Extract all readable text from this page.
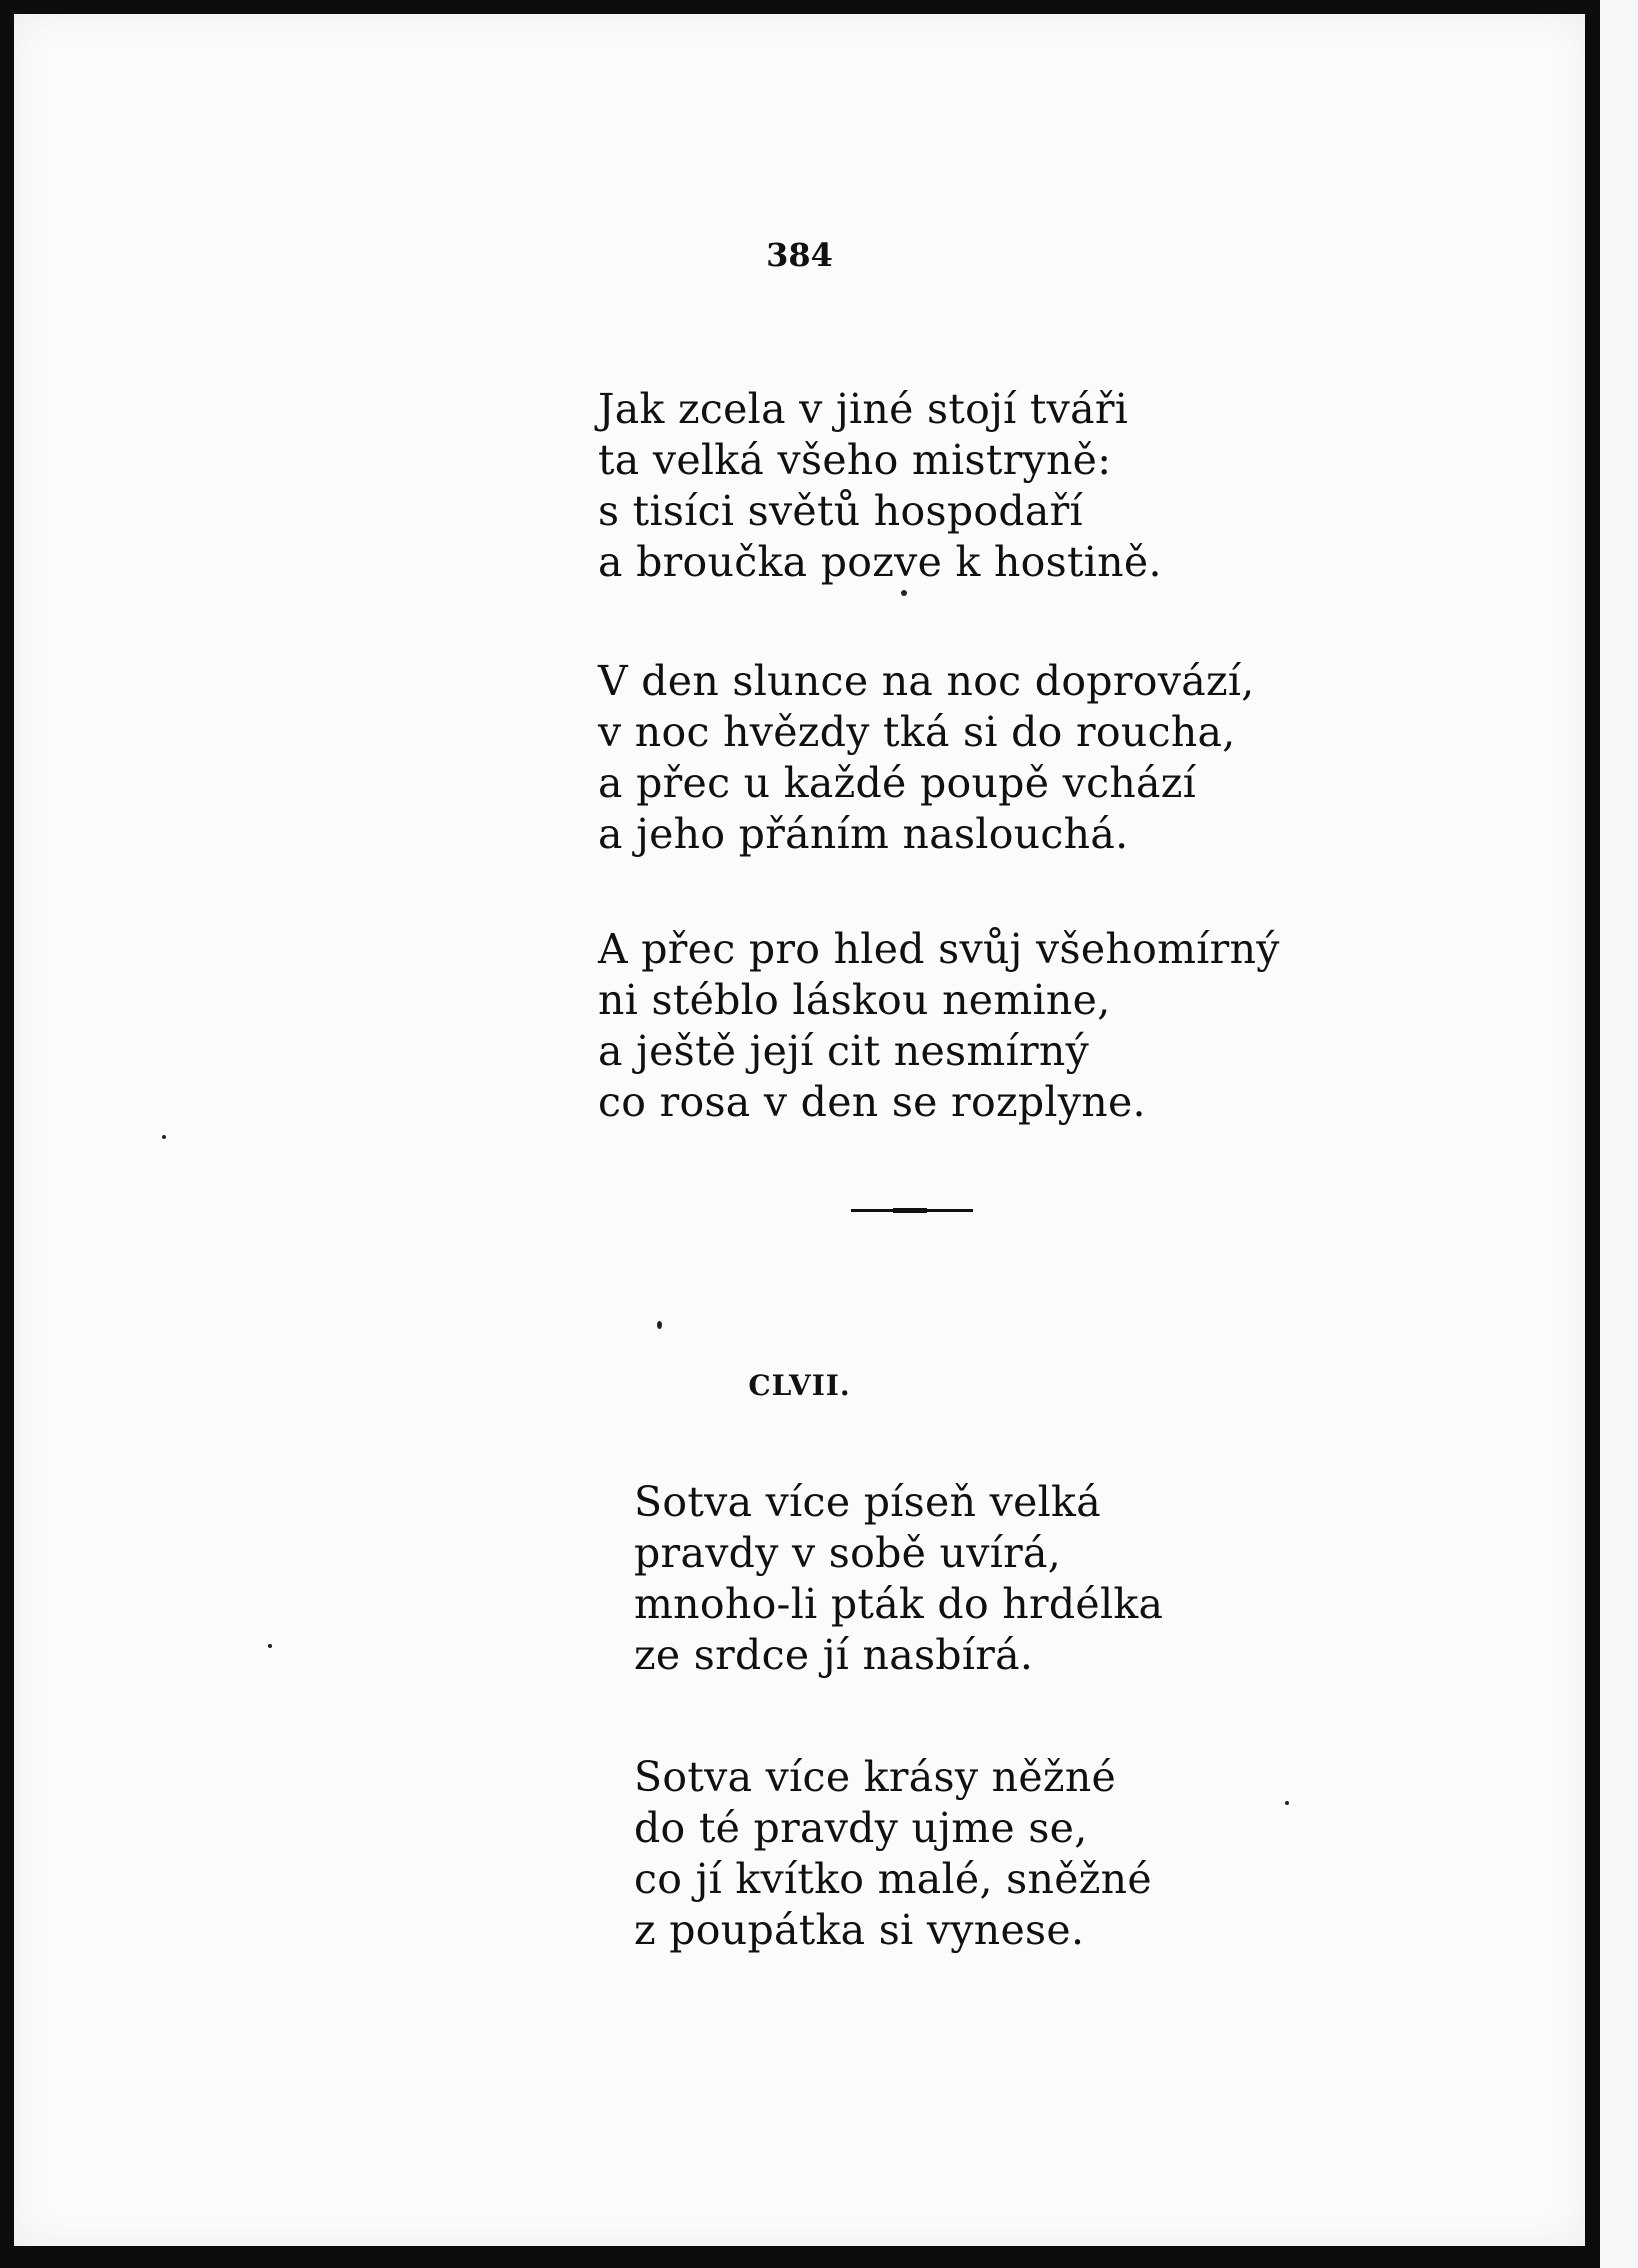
384
Jak zcela v jiné stojí tváři
ta velká všeho mistryně:
s tisíci světů hospodaří
a broučka pozve k hostině.
V den slunce na noc doprovází,
v noc hvězdy tká si do roucha,
a přec u každé poupě vchází
a jeho přáním naslouchá.
A přec pro hled svůj všehomírný
ni stéblo láskou nemine,
a ještě její cit nesmírný
co rosa v den se rozplyne.
CLVII.
Sotva více píseň velká
pravdy v sobě uvírá,
mnoho-li pták do hrdélka
ze srdce jí nasbírá.
Sotva více krásy něžné
do té pravdy ujme se,
co jí kvítko malé, sněžné
z poupátka si vynese.
